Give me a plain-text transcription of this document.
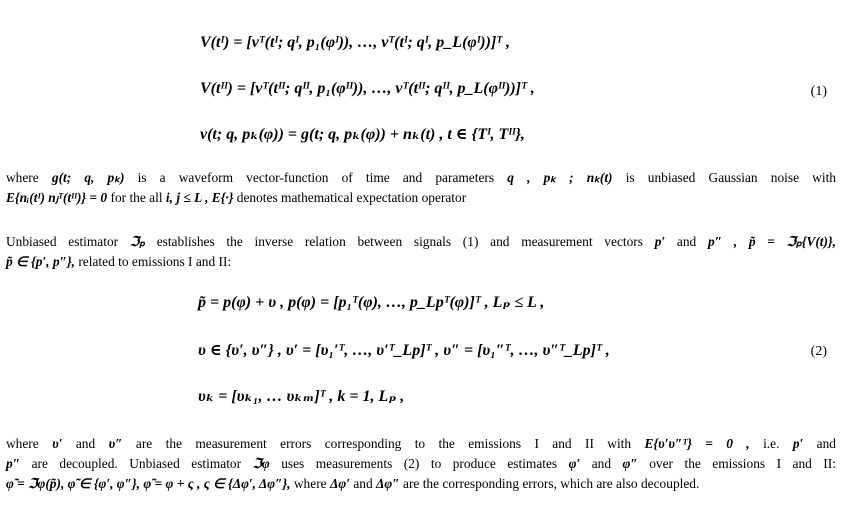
V(tᴵ) = [vᵀ(tᴵ; qᴵ, p₁(φᴵ)), …, vᵀ(tᴵ; qᴵ, p_L(φᴵ))]ᵀ ,
V(tᴵᴵ) = [vᵀ(tᴵᴵ; qᴵᴵ, p₁(φᴵᴵ)), …, vᵀ(tᴵᴵ; qᴵᴵ, p_L(φᴵᴵ))]ᵀ ,
v(t; q, pₖ(φ)) = g(t; q, pₖ(φ)) + nₖ(t) , t ∈ {Tᴵ, Tᴵᴵ},
(1)
where g(t; q, pₖ) is a waveform vector-function of time and parameters q , pₖ ; nₖ(t) is unbiased Gaussian noise with
E{nᵢ(tᴵ) nⱼᵀ(tᴵᴵ)} = 0 for the all i, j ≤ L , E{·} denotes mathematical expectation operator
Unbiased estimator ℑₚ establishes the inverse relation between signals (1) and measurement vectors p′ and p″ , p̃ = ℑₚ{V(t)},
p̃ ∈ {p′, p″}, related to emissions I and II:
p̃ = p(φ) + υ , p(φ) = [p₁ᵀ(φ), …, p_Lpᵀ(φ)]ᵀ , Lₚ ≤ L ,
υ ∈ {υ′, υ″} , υ′ = [υ₁′ᵀ, …, υ′ᵀ_Lp]ᵀ , υ″ = [υ₁″ᵀ, …, υ″ᵀ_Lp]ᵀ ,
υₖ = [υₖ₁, … υₖₘ]ᵀ , k = 1, Lₚ ,
(2)
where υ′ and υ″ are the measurement errors corresponding to the emissions I and II with E{υ′υ″ᵀ} = 0 , i.e. p′ and
p″ are decoupled. Unbiased estimator ℑφ uses measurements (2) to produce estimates φ′ and φ″ over the emissions I and II:
φ̃ = ℑφ(p̃), φ̃ ∈ {φ′, φ″}, φ̃ = φ + ς , ς ∈ {Δφ′, Δφ″}, where Δφ′ and Δφ″ are the corresponding errors, which are also decoupled.
